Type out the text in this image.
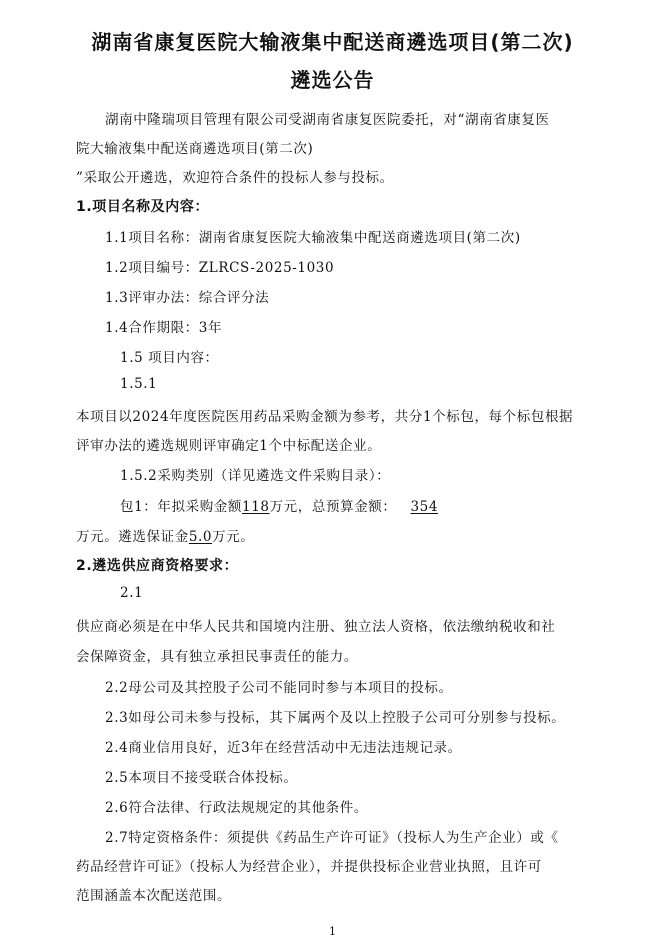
湖南省康复医院大输液集中配送商遴选项目(第二次)
遴选公告
湖南中隆瑞项目管理有限公司受湖南省康复医院委托，对“湖南省康复医
院大输液集中配送商遴选项目(第二次)
”采取公开遴选，欢迎符合条件的投标人参与投标。
1.项目名称及内容：
1.1项目名称：湖南省康复医院大输液集中配送商遴选项目(第二次)
1.2项目编号：ZLRCS-2025-1030
1.3评审办法：综合评分法
1.4合作期限：3年
1.5 项目内容：
1.5.1
本项目以2024年度医院医用药品采购金额为参考，共分1个标包，每个标包根据
评审办法的遴选规则评审确定1个中标配送企业。
1.5.2采购类别（详见遴选文件采购目录）：
包1：年拟采购金额118万元，总预算金额： 354
万元。遴选保证金5.0万元。
2.遴选供应商资格要求：
2.1
供应商必须是在中华人民共和国境内注册、独立法人资格，依法缴纳税收和社
会保障资金，具有独立承担民事责任的能力。
2.2母公司及其控股子公司不能同时参与本项目的投标。
2.3如母公司未参与投标，其下属两个及以上控股子公司可分别参与投标。
2.4商业信用良好，近3年在经营活动中无违法违规记录。
2.5本项目不接受联合体投标。
2.6符合法律、行政法规规定的其他条件。
2.7特定资格条件：须提供《药品生产许可证》（投标人为生产企业）或《
药品经营许可证》（投标人为经营企业），并提供投标企业营业执照，且许可
范围涵盖本次配送范围。
1
